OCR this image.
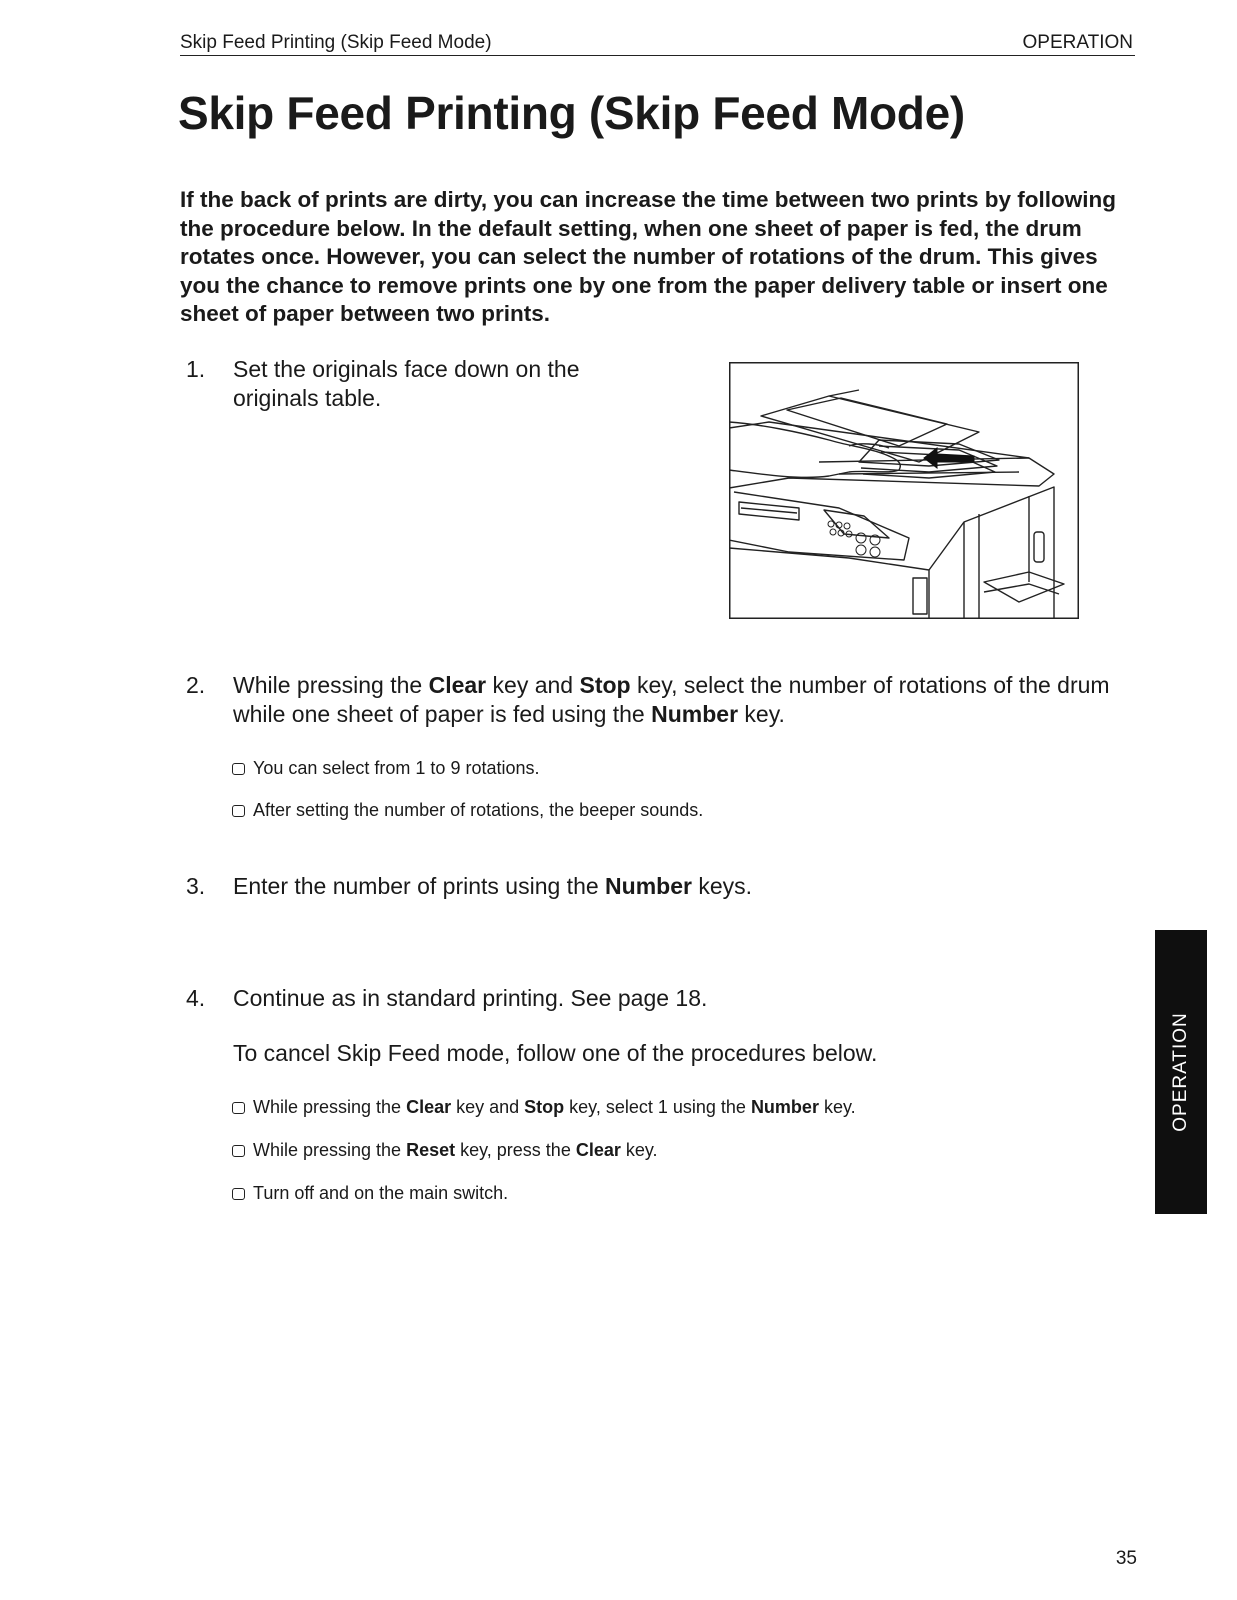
Skip Feed Printing (Skip Feed Mode)	OPERATION
Skip Feed Printing (Skip Feed Mode)

If the back of prints are dirty, you can increase the time between two prints by following the procedure below. In the default setting, when one sheet of paper is fed, the drum rotates once. However, you can select the number of rotations of the drum. This gives you the chance to remove prints one by one from the paper delivery table or insert one sheet of paper between two prints.

1. Set the originals face down on the
originals table.
2. While pressing the Clear key and Stop key, select the number of rotations of the drum
while one sheet of paper is fed using the Number key.
You can select from 1 to 9 rotations.
After setting the number of rotations, the beeper sounds.
3. Enter the number of prints using the Number keys.
4. Continue as in standard printing. See page 18.
To cancel Skip Feed mode, follow one of the procedures below.
While pressing the Clear key and Stop key, select 1 using the Number key.
While pressing the Reset key, press the Clear key.
Turn off and on the main switch.
OPERATION
35
